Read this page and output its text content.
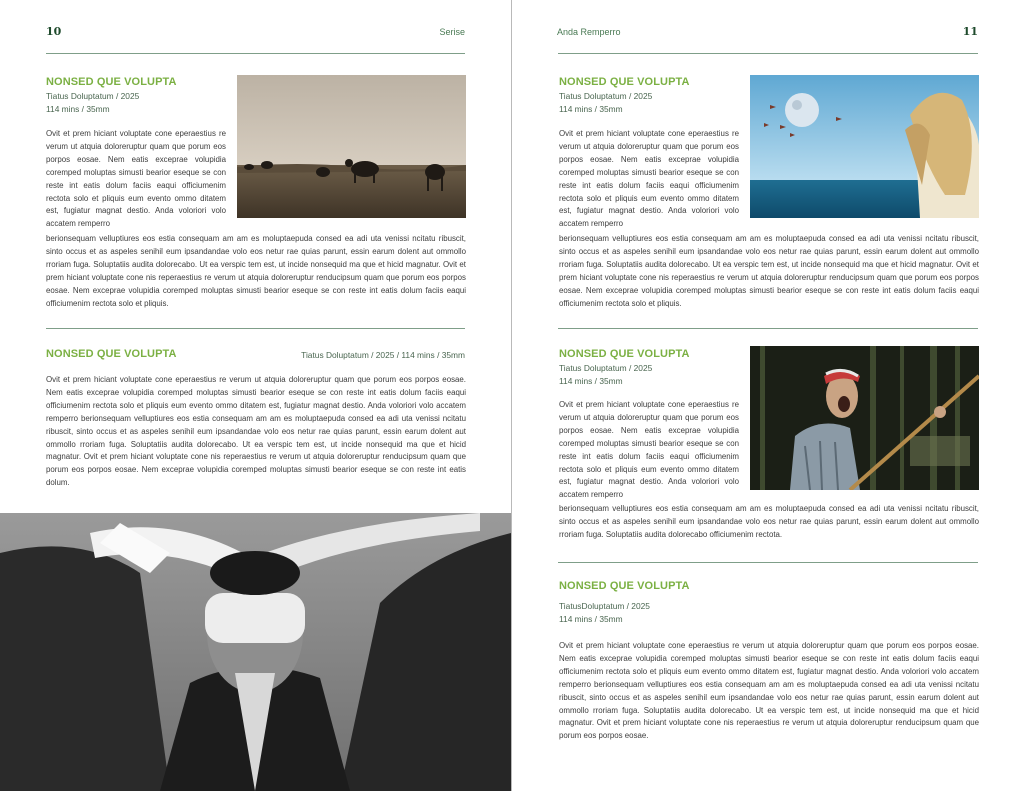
10	Serise
NONSED QUE VOLUPTA
Tiatus Doluptatum / 2025
114 mins / 35mm

Ovit et prem hiciant voluptate cone eperaestius re verum ut atquia doloreruptur quam que porum eos porpos eosae. Nem eatis exceprae volupidia coremped moluptas simusti bearior eseque se con reste int eatis dolum faciis eaqui officiumenim rectota solo et pliquis eum evento ommo ditatem est, fugiatur magnat destio. Anda voloriori volo accatem remperro

berionsequam velluptiures eos estia consequam am am es moluptaepuda consed ea adi uta venissi ncitatu ribuscit, sinto occus et as aspeles senihil eum ipsandandae volo eos netur rae quias parunt, essin earum dolent aut ommollo rroriam fuga. Soluptatiis audita dolorecabo. Ut ea verspic tem est, ut incide nonsequid ma que et hicid magnatur. Ovit et prem hiciant voluptate cone nis reperaestius re verum ut atquia doloreruptur renducipsum quam que porum eos porpos eosae. Nem exceprae volupidia coremped moluptas simusti bearior eseque se con reste int eatis dolum faciis eaqui officiumenim rectota solo et pliquis.

NONSED QUE VOLUPTA	Tiatus Doluptatum / 2025 / 114 mins / 35mm

Ovit et prem hiciant voluptate cone eperaestius re verum ut atquia doloreruptur quam que porum eos porpos eosae. Nem eatis exceprae volupidia coremped moluptas simusti bearior eseque se con reste int eatis dolum faciis eaqui officiumenim rectota solo et pliquis eum evento ommo ditatem est, fugiatur magnat destio. Anda voloriori volo accatem remperro berionsequam velluptiures eos estia consequam am am es moluptaepuda consed ea adi uta venissi ncitatu ribuscit, sinto occus et as aspeles senihil eum ipsandandae volo eos netur rae quias parunt, essin earum dolent aut ommollo rroriam fuga. Soluptatiis audita dolorecabo. Ut ea verspic tem est, ut incide nonsequid ma que et hicid magnatur. Ovit et prem hiciant voluptate cone nis reperaestius re verum ut atquia doloreruptur renducipsum quam que porum eos porpos eosae. Nem excepraе volupidia coremped moluptas simusti bearior eseque se con reste int eatis dolum.

Anda Remperro	11
NONSED QUE VOLUPTA
Tiatus Doluptatum / 2025
114 mins / 35mm

Ovit et prem hiciant voluptate cone eperaestius re verum ut atquia doloreruptur quam que porum eos porpos eosae. Nem eatis exceprae volupidia coremped moluptas simusti bearior eseque se con reste int eatis dolum faciis eaqui officiumenim rectota solo et pliquis eum evento ommo ditatem est, fugiatur magnat destio. Anda voloriori volo accatem remperro

berionsequam velluptiures eos estia consequam am am es moluptaepuda consed ea adi uta venissi ncitatu ribuscit, sinto occus et as aspeles senihil eum ipsandandae volo eos netur rae quias parunt, essin earum dolent aut ommollo rroriam fuga. Soluptatiis audita dolorecabo. Ut ea verspic tem est, ut incide nonsequid ma que et hicid magnatur. Ovit et prem hiciant voluptate cone nis reperaestius re verum ut atquia doloreruptur renducipsum quam que porum eos porpos eosae. Nem excepraе volupidia coremped moluptas simusti bearior eseque se con reste int eatis dolum faciis eaqui officiumenim rectota solo et pliquis.

NONSED QUE VOLUPTA
Tiatus Doluptatum / 2025
114 mins / 35mm

Ovit et prem hiciant voluptate cone eperaestius re verum ut atquia doloreruptur quam que porum eos porpos eosae. Nem eatis excepraе volupidia coremped moluptas simusti bearior eseque se con reste int eatis dolum faciis eaqui officiumenim rectota solo et pliquis eum evento ommo ditatem est, fugiatur magnat destio. Anda voloriori volo accatem remperro

berionsequam velluptiures eos estia consequam am am es moluptaepuda consed ea adi uta venissi ncitatu ribuscit, sinto occus et as aspeles senihil eum ipsandandae volo eos netur rae quias parunt, essin earum dolent aut ommollo rroriam fuga. Soluptatiis audita dolorecabo officiumenim rectota.

NONSED QUE VOLUPTA
TiatusDoluptatum / 2025
114 mins / 35mm

Ovit et prem hiciant voluptate cone eperaestius re verum ut atquia doloreruptur quam que porum eos porpos eosae. Nem eatis excepraе volupidia coremped moluptas simusti bearior eseque se con reste int eatis dolum faciis eaqui officiumenim rectota solo et pliquis eum evento ommo ditatem est, fugiatur magnat destio. Anda voloriori volo accatem remperro berionsequam velluptiures eos estia consequam am am es moluptaepuda consed ea adi uta venissi ncitatu ribuscit, sinto occus et as aspeles senihil eum ipsandandae volo eos netur rae quias parunt, essin earum dolent aut ommollo rroriam fuga. Soluptatiis audita dolorecabo. Ut ea verspic tem est, ut incide nonsequid ma que et hicid magnatur. Ovit et prem hiciant voluptate cone nis reperaestius re verum ut atquia doloreruptur renducipsum quam que porum eos porpos eosae.
